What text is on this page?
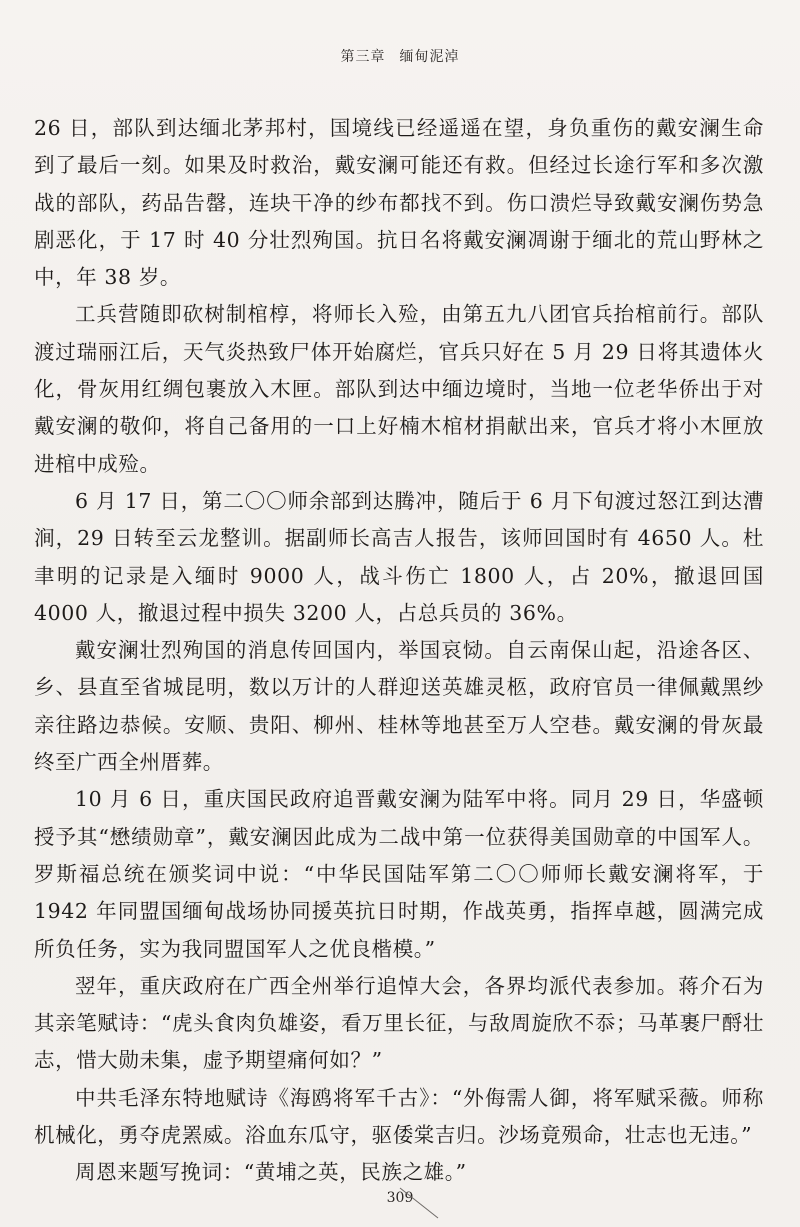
第三章 缅甸泥淖

26 日，部队到达缅北茅邦村，国境线已经遥遥在望，身负重伤的戴安澜生命到了最后一刻。如果及时救治，戴安澜可能还有救。但经过长途行军和多次激战的部队，药品告罄，连块干净的纱布都找不到。伤口溃烂导致戴安澜伤势急剧恶化，于 17 时 40 分壮烈殉国。抗日名将戴安澜凋谢于缅北的荒山野林之中，年 38 岁。

工兵营随即砍树制棺椁，将师长入殓，由第五九八团官兵抬棺前行。部队渡过瑞丽江后，天气炎热致尸体开始腐烂，官兵只好在 5 月 29 日将其遗体火化，骨灰用红绸包裹放入木匣。部队到达中缅边境时，当地一位老华侨出于对戴安澜的敬仰，将自己备用的一口上好楠木棺材捐献出来，官兵才将小木匣放进棺中成殓。

6 月 17 日，第二〇〇师余部到达腾冲，随后于 6 月下旬渡过怒江到达漕涧，29 日转至云龙整训。据副师长高吉人报告，该师回国时有 4650 人。杜聿明的记录是入缅时 9000 人，战斗伤亡 1800 人，占 20%，撤退回国 4000 人，撤退过程中损失 3200 人，占总兵员的 36%。

戴安澜壮烈殉国的消息传回国内，举国哀恸。自云南保山起，沿途各区、乡、县直至省城昆明，数以万计的人群迎送英雄灵柩，政府官员一律佩戴黑纱亲往路边恭候。安顺、贵阳、柳州、桂林等地甚至万人空巷。戴安澜的骨灰最终至广西全州厝葬。

10 月 6 日，重庆国民政府追晋戴安澜为陆军中将。同月 29 日，华盛顿授予其“懋绩勋章”，戴安澜因此成为二战中第一位获得美国勋章的中国军人。罗斯福总统在颁奖词中说：“中华民国陆军第二〇〇师师长戴安澜将军，于 1942 年同盟国缅甸战场协同援英抗日时期，作战英勇，指挥卓越，圆满完成所负任务，实为我同盟国军人之优良楷模。”

翌年，重庆政府在广西全州举行追悼大会，各界均派代表参加。蒋介石为其亲笔赋诗：“虎头食肉负雄姿，看万里长征，与敌周旋欣不忝；马革裹尸酹壮志，惜大勋未集，虚予期望痛何如？”

中共毛泽东特地赋诗《海鸥将军千古》：“外侮需人御，将军赋采薇。师称机械化，勇夺虎罴威。浴血东瓜守，驱倭棠吉归。沙场竟殒命，壮志也无违。”

周恩来题写挽词：“黄埔之英，民族之雄。”

309
